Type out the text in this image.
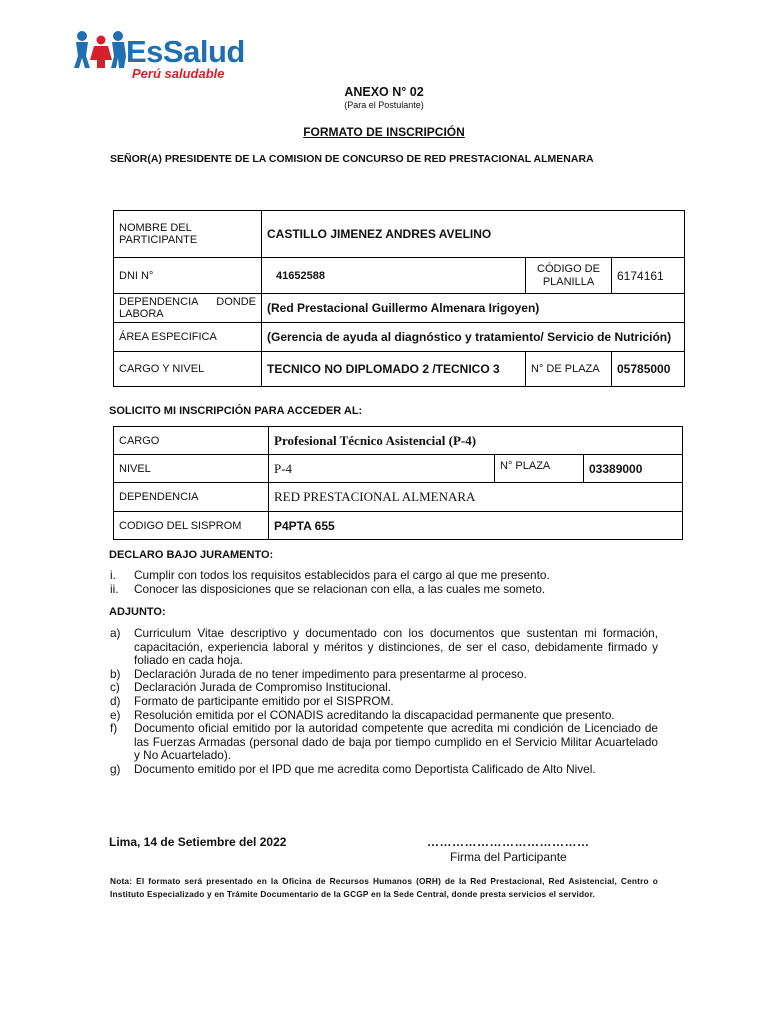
EsSalud
Perú saludable
ANEXO N° 02
(Para el Postulante)
FORMATO DE INSCRIPCIÓN
SEÑOR(A) PRESIDENTE DE LA COMISION DE CONCURSO DE RED PRESTACIONAL ALMENARA
NOMBRE DEL PARTICIPANTE	CASTILLO JIMENEZ ANDRES AVELINO		
DNI N°	41652588	CÓDIGO DE PLANILLA	6174161
DEPENDENCIA DONDE LABORA	(Red Prestacional Guillermo Almenara Irigoyen)		
ÁREA ESPECIFICA	(Gerencia de ayuda al diagnóstico y tratamiento/ Servicio de Nutrición)		
CARGO Y NIVEL	TECNICO NO DIPLOMADO 2 /TECNICO 3	N° DE PLAZA	05785000
SOLICITO MI INSCRIPCIÓN PARA ACCEDER AL:
CARGO	Profesional Técnico Asistencial (P-4)		
NIVEL	P-4	N° PLAZA	03389000
DEPENDENCIA	RED PRESTACIONAL ALMENARA		
CODIGO DEL SISPROM	P4PTA 655		
DECLARO BAJO JURAMENTO:
i. Cumplir con todos los requisitos establecidos para el cargo al que me presento.
ii. Conocer las disposiciones que se relacionan con ella, a las cuales me someto.
ADJUNTO:
a) Curriculum Vitae descriptivo y documentado con los documentos que sustentan mi formación, capacitación, experiencia laboral y méritos y distinciones, de ser el caso, debidamente firmado y foliado en cada hoja.
b) Declaración Jurada de no tener impedimento para presentarme al proceso.
c) Declaración Jurada de Compromiso Institucional.
d) Formato de participante emitido por el SISPROM.
e) Resolución emitida por el CONADIS acreditando la discapacidad permanente que presento.
f) Documento oficial emitido por la autoridad competente que acredita mi condición de Licenciado de las Fuerzas Armadas (personal dado de baja por tiempo cumplido en el Servicio Militar Acuartelado y No Acuartelado).
g) Documento emitido por el IPD que me acredita como Deportista Calificado de Alto Nivel.
Lima, 14 de Setiembre del 2022	…………………………………
Firma del Participante
Nota: El formato será presentado en la Oficina de Recursos Humanos (ORH) de la Red Prestacional, Red Asistencial, Centro o Instituto Especializado y en Trámite Documentario de la GCGP en la Sede Central, donde presta servicios el servidor.
